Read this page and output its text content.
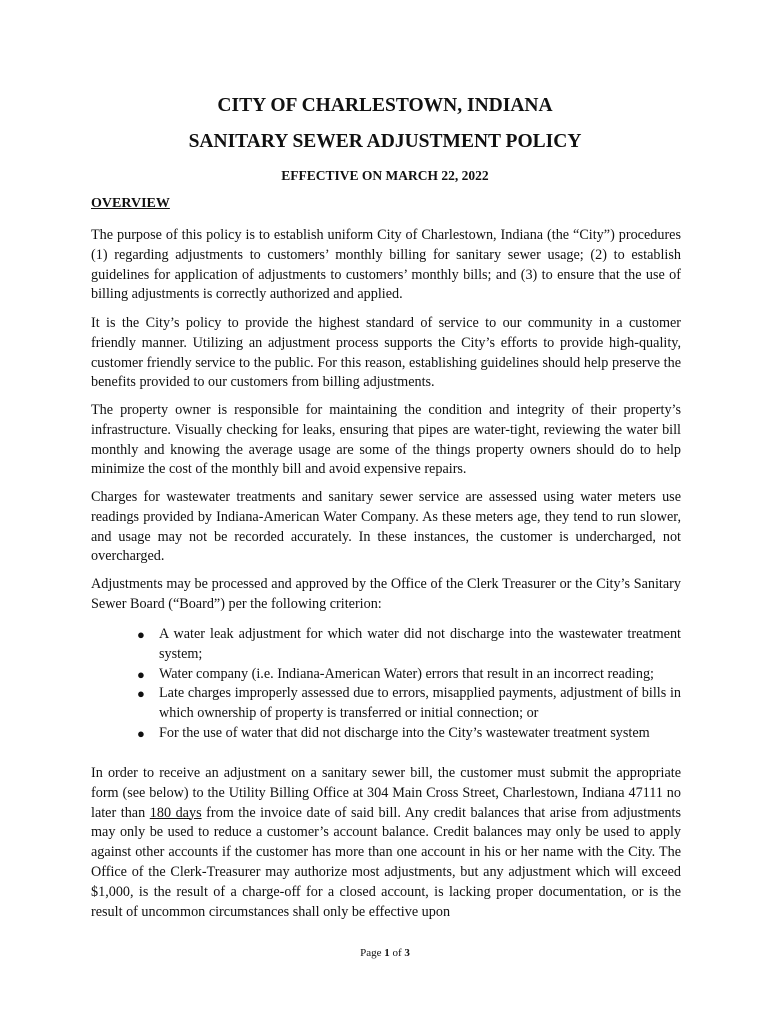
CITY OF CHARLESTOWN, INDIANA
SANITARY SEWER ADJUSTMENT POLICY
EFFECTIVE ON MARCH 22, 2022
OVERVIEW

The purpose of this policy is to establish uniform City of Charlestown, Indiana (the “City”) procedures (1) regarding adjustments to customers’ monthly billing for sanitary sewer usage; (2) to establish guidelines for application of adjustments to customers’ monthly bills; and (3) to ensure that the use of billing adjustments is correctly authorized and applied.

It is the City’s policy to provide the highest standard of service to our community in a customer friendly manner. Utilizing an adjustment process supports the City’s efforts to provide high-quality, customer friendly service to the public. For this reason, establishing guidelines should help preserve the benefits provided to our customers from billing adjustments.

The property owner is responsible for maintaining the condition and integrity of their property’s infrastructure. Visually checking for leaks, ensuring that pipes are water-tight, reviewing the water bill monthly and knowing the average usage are some of the things property owners should do to help minimize the cost of the monthly bill and avoid expensive repairs.

Charges for wastewater treatments and sanitary sewer service are assessed using water meters use readings provided by Indiana-American Water Company. As these meters age, they tend to run slower, and usage may not be recorded accurately. In these instances, the customer is undercharged, not overcharged.

Adjustments may be processed and approved by the Office of the Clerk Treasurer or the City’s Sanitary Sewer Board (“Board”) per the following criterion:

● A water leak adjustment for which water did not discharge into the wastewater treatment system;
● Water company (i.e. Indiana-American Water) errors that result in an incorrect reading;
● Late charges improperly assessed due to errors, misapplied payments, adjustment of bills in which ownership of property is transferred or initial connection; or
● For the use of water that did not discharge into the City’s wastewater treatment system

In order to receive an adjustment on a sanitary sewer bill, the customer must submit the appropriate form (see below) to the Utility Billing Office at 304 Main Cross Street, Charlestown, Indiana 47111 no later than 180 days from the invoice date of said bill. Any credit balances that arise from adjustments may only be used to reduce a customer’s account balance. Credit balances may only be used to apply against other accounts if the customer has more than one account in his or her name with the City. The Office of the Clerk-Treasurer may authorize most adjustments, but any adjustment which will exceed $1,000, is the result of a charge-off for a closed account, is lacking proper documentation, or is the result of uncommon circumstances shall only be effective upon

Page 1 of 3
